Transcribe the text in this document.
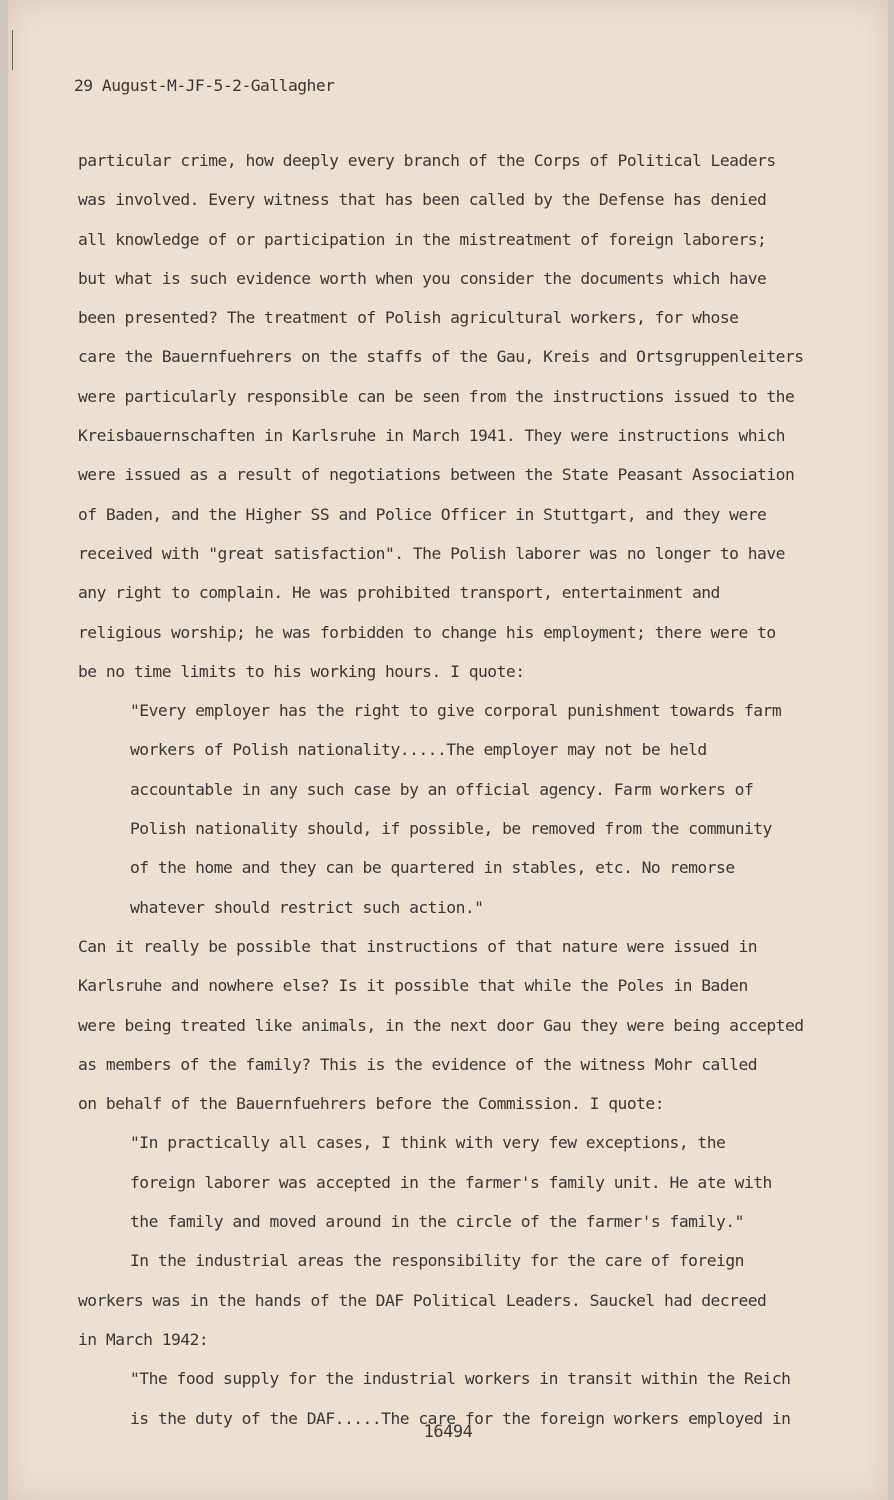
29 August-M-JF-5-2-Gallagher
particular crime, how deeply every branch of the Corps of Political Leaders
was involved. Every witness that has been called by the Defense has denied
all knowledge of or participation in the mistreatment of foreign laborers;
but what is such evidence worth when you consider the documents which have
been presented? The treatment of Polish agricultural workers, for whose
care the Bauernfuehrers on the staffs of the Gau, Kreis and Ortsgruppenleiters
were particularly responsible can be seen from the instructions issued to the
Kreisbauernschaften in Karlsruhe in March 1941. They were instructions which
were issued as a result of negotiations between the State Peasant Association
of Baden, and the Higher SS and Police Officer in Stuttgart, and they were
received with "great satisfaction". The Polish laborer was no longer to have
any right to complain. He was prohibited transport, entertainment and
religious worship; he was forbidden to change his employment; there were to
be no time limits to his working hours. I quote:
"Every employer has the right to give corporal punishment towards farm
workers of Polish nationality.....The employer may not be held
accountable in any such case by an official agency. Farm workers of
Polish nationality should, if possible, be removed from the community
of the home and they can be quartered in stables, etc. No remorse
whatever should restrict such action."
Can it really be possible that instructions of that nature were issued in
Karlsruhe and nowhere else? Is it possible that while the Poles in Baden
were being treated like animals, in the next door Gau they were being accepted
as members of the family? This is the evidence of the witness Mohr called
on behalf of the Bauernfuehrers before the Commission. I quote:
"In practically all cases, I think with very few exceptions, the
foreign laborer was accepted in the farmer's family unit. He ate with
the family and moved around in the circle of the farmer's family."
In the industrial areas the responsibility for the care of foreign
workers was in the hands of the DAF Political Leaders. Sauckel had decreed
in March 1942:
"The food supply for the industrial workers in transit within the Reich
is the duty of the DAF.....The care for the foreign workers employed in
16494
